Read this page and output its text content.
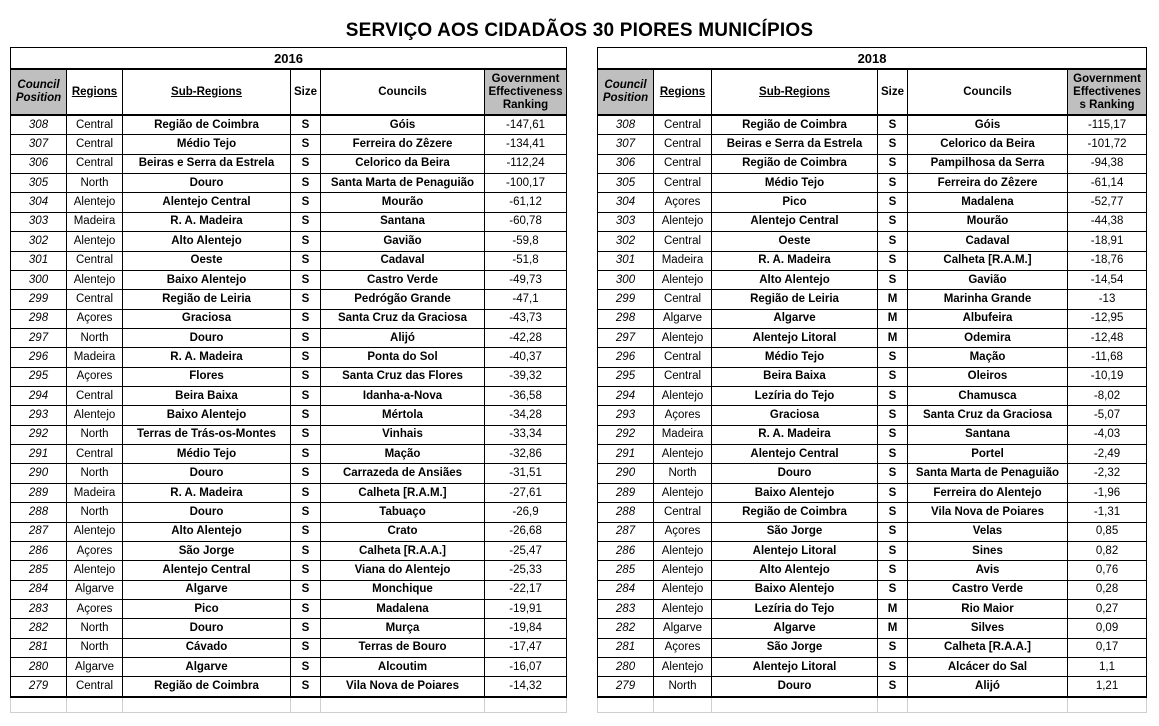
SERVIÇO AOS CIDADÃOS 30 PIORES MUNICÍPIOS
2016					
Council
Position	Regions	Sub-Regions	Size	Councils	Government
Effectiveness
Ranking
308	Central	Região de Coimbra	S	Góis	-147,61
307	Central	Médio Tejo	S	Ferreira do Zêzere	-134,41
306	Central	Beiras e Serra da Estrela	S	Celorico da Beira	-112,24
305	North	Douro	S	Santa Marta de Penaguião	-100,17
304	Alentejo	Alentejo Central	S	Mourão	-61,12
303	Madeira	R. A. Madeira	S	Santana	-60,78
302	Alentejo	Alto Alentejo	S	Gavião	-59,8
301	Central	Oeste	S	Cadaval	-51,8
300	Alentejo	Baixo Alentejo	S	Castro Verde	-49,73
299	Central	Região de Leiria	S	Pedrógão Grande	-47,1
298	Açores	Graciosa	S	Santa Cruz da Graciosa	-43,73
297	North	Douro	S	Alijó	-42,28
296	Madeira	R. A. Madeira	S	Ponta do Sol	-40,37
295	Açores	Flores	S	Santa Cruz das Flores	-39,32
294	Central	Beira Baixa	S	Idanha-a-Nova	-36,58
293	Alentejo	Baixo Alentejo	S	Mértola	-34,28
292	North	Terras de Trás-os-Montes	S	Vinhais	-33,34
291	Central	Médio Tejo	S	Mação	-32,86
290	North	Douro	S	Carrazeda de Ansiães	-31,51
289	Madeira	R. A. Madeira	S	Calheta [R.A.M.]	-27,61
288	North	Douro	S	Tabuaço	-26,9
287	Alentejo	Alto Alentejo	S	Crato	-26,68
286	Açores	São Jorge	S	Calheta [R.A.A.]	-25,47
285	Alentejo	Alentejo Central	S	Viana do Alentejo	-25,33
284	Algarve	Algarve	S	Monchique	-22,17
283	Açores	Pico	S	Madalena	-19,91
282	North	Douro	S	Murça	-19,84
281	North	Cávado	S	Terras de Bouro	-17,47
280	Algarve	Algarve	S	Alcoutim	-16,07
279	Central	Região de Coimbra	S	Vila Nova de Poiares	-14,32

2018					
Council
Position	Regions	Sub-Regions	Size	Councils	Government
Effectivenes
s Ranking
308	Central	Região de Coimbra	S	Góis	-115,17
307	Central	Beiras e Serra da Estrela	S	Celorico da Beira	-101,72
306	Central	Região de Coimbra	S	Pampilhosa da Serra	-94,38
305	Central	Médio Tejo	S	Ferreira do Zêzere	-61,14
304	Açores	Pico	S	Madalena	-52,77
303	Alentejo	Alentejo Central	S	Mourão	-44,38
302	Central	Oeste	S	Cadaval	-18,91
301	Madeira	R. A. Madeira	S	Calheta [R.A.M.]	-18,76
300	Alentejo	Alto Alentejo	S	Gavião	-14,54
299	Central	Região de Leiria	M	Marinha Grande	-13
298	Algarve	Algarve	M	Albufeira	-12,95
297	Alentejo	Alentejo Litoral	M	Odemira	-12,48
296	Central	Médio Tejo	S	Mação	-11,68
295	Central	Beira Baixa	S	Oleiros	-10,19
294	Alentejo	Lezíria do Tejo	S	Chamusca	-8,02
293	Açores	Graciosa	S	Santa Cruz da Graciosa	-5,07
292	Madeira	R. A. Madeira	S	Santana	-4,03
291	Alentejo	Alentejo Central	S	Portel	-2,49
290	North	Douro	S	Santa Marta de Penaguião	-2,32
289	Alentejo	Baixo Alentejo	S	Ferreira do Alentejo	-1,96
288	Central	Região de Coimbra	S	Vila Nova de Poiares	-1,31
287	Açores	São Jorge	S	Velas	0,85
286	Alentejo	Alentejo Litoral	S	Sines	0,82
285	Alentejo	Alto Alentejo	S	Avis	0,76
284	Alentejo	Baixo Alentejo	S	Castro Verde	0,28
283	Alentejo	Lezíria do Tejo	M	Rio Maior	0,27
282	Algarve	Algarve	M	Silves	0,09
281	Açores	São Jorge	S	Calheta [R.A.A.]	0,17
280	Alentejo	Alentejo Litoral	S	Alcácer do Sal	1,1
279	North	Douro	S	Alijó	1,21
